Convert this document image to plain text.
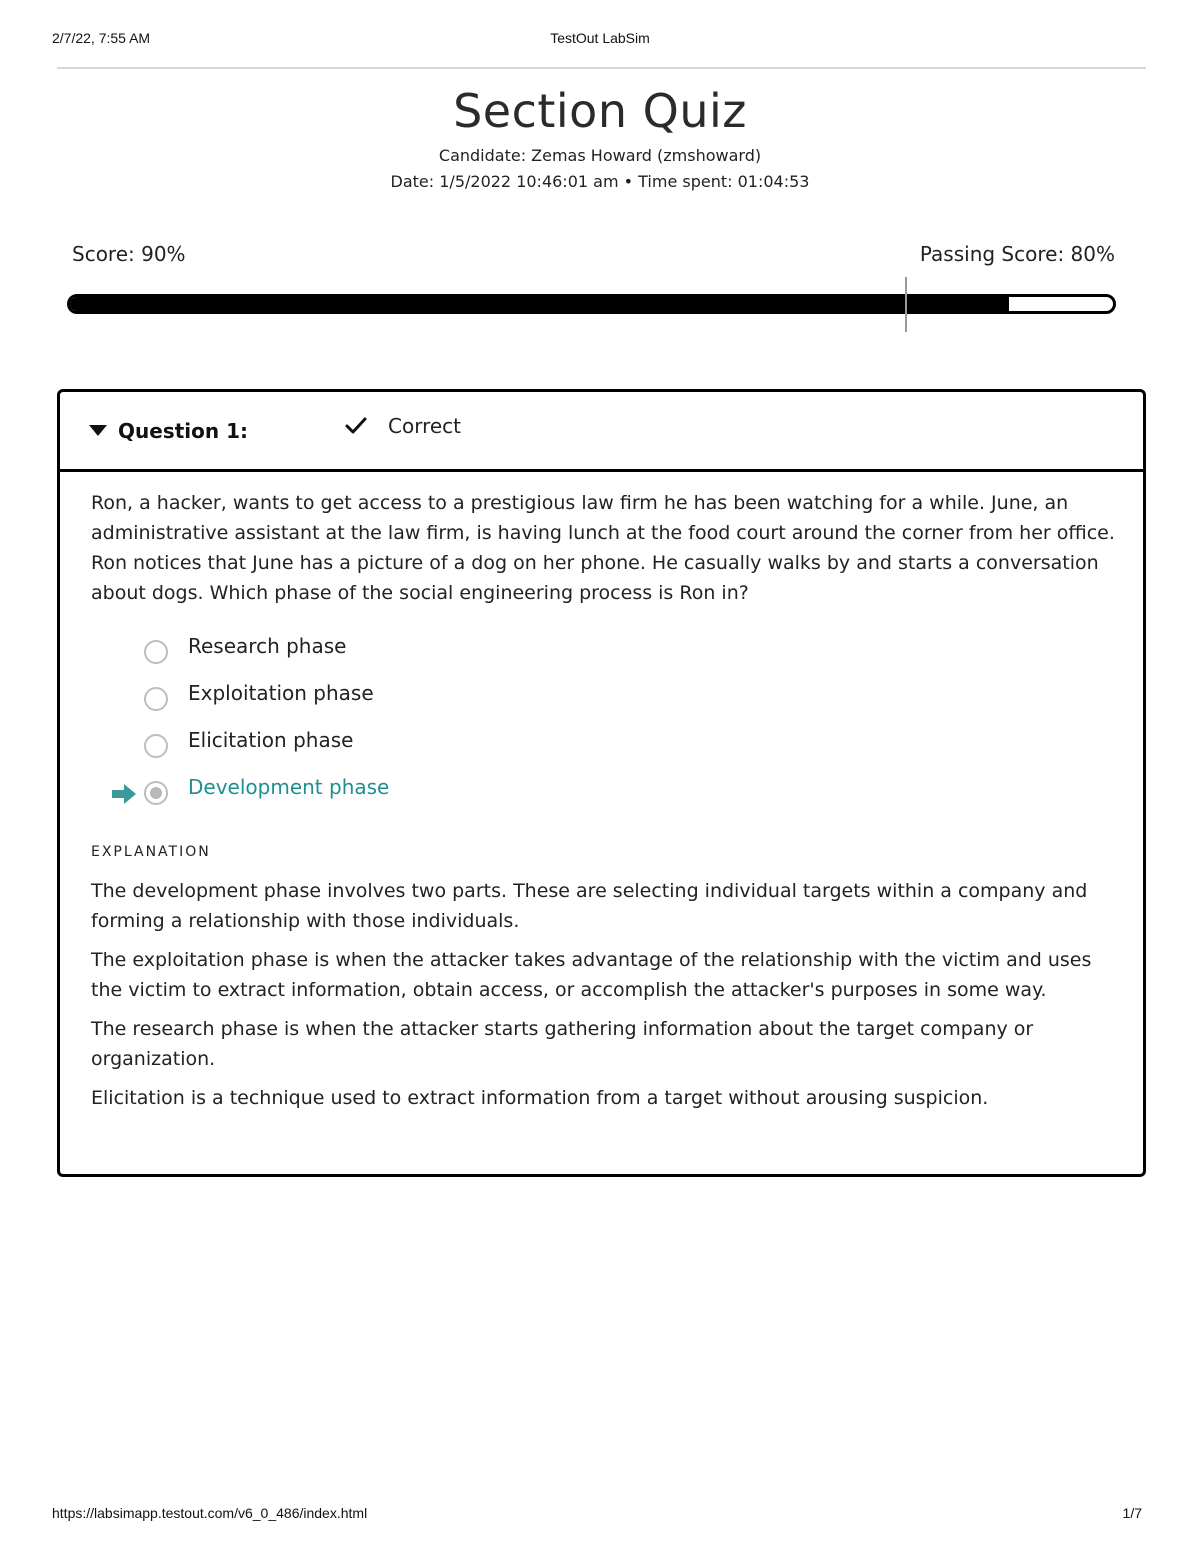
2/7/22, 7:55 AM	TestOut LabSim
Section Quiz
Candidate: Zemas Howard (zmshoward)
Date: 1/5/2022 10:46:01 am • Time spent: 01:04:53
Score: 90%	Passing Score: 80%
Question 1:	Correct
Ron, a hacker, wants to get access to a prestigious law firm he has been watching for a while. June, an administrative assistant at the law firm, is having lunch at the food court around the corner from her office. Ron notices that June has a picture of a dog on her phone. He casually walks by and starts a conversation about dogs. Which phase of the social engineering process is Ron in?
Research phase
Exploitation phase
Elicitation phase
Development phase
EXPLANATION

The development phase involves two parts. These are selecting individual targets within a company and forming a relationship with those individuals.

The exploitation phase is when the attacker takes advantage of the relationship with the victim and uses the victim to extract information, obtain access, or accomplish the attacker's purposes in some way.

The research phase is when the attacker starts gathering information about the target company or organization.

Elicitation is a technique used to extract information from a target without arousing suspicion.

https://labsimapp.testout.com/v6_0_486/index.html	1/7
